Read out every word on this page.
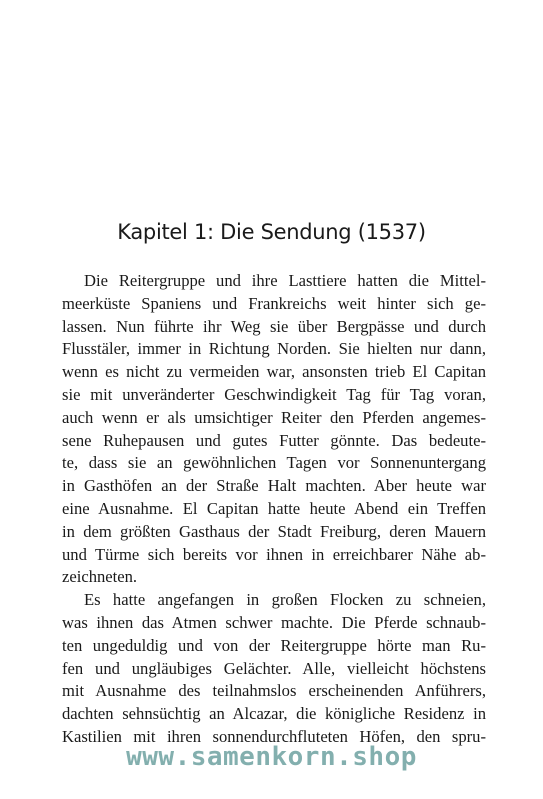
Kapitel 1: Die Sendung (1537)
Die Reitergruppe und ihre Lasttiere hatten die Mittel-
meerküste Spaniens und Frankreichs weit hinter sich ge-
lassen. Nun führte ihr Weg sie über Bergpässe und durch
Flusstäler, immer in Richtung Norden. Sie hielten nur dann,
wenn es nicht zu vermeiden war, ansonsten trieb El Capitan
sie mit unveränderter Geschwindigkeit Tag für Tag voran,
auch wenn er als umsichtiger Reiter den Pferden angemes-
sene Ruhepausen und gutes Futter gönnte. Das bedeute-
te, dass sie an gewöhnlichen Tagen vor Sonnenuntergang
in Gasthöfen an der Straße Halt machten. Aber heute war
eine Ausnahme. El Capitan hatte heute Abend ein Treffen
in dem größten Gasthaus der Stadt Freiburg, deren Mauern
und Türme sich bereits vor ihnen in erreichbarer Nähe ab-
zeichneten.
Es hatte angefangen in großen Flocken zu schneien,
was ihnen das Atmen schwer machte. Die Pferde schnaub-
ten ungeduldig und von der Reitergruppe hörte man Ru-
fen und ungläubiges Gelächter. Alle, vielleicht höchstens
mit Ausnahme des teilnahmslos erscheinenden Anführers,
dachten sehnsüchtig an Alcazar, die königliche Residenz in
Kastilien mit ihren sonnendurchfluteten Höfen, den spru-
www.samenkorn.shop
